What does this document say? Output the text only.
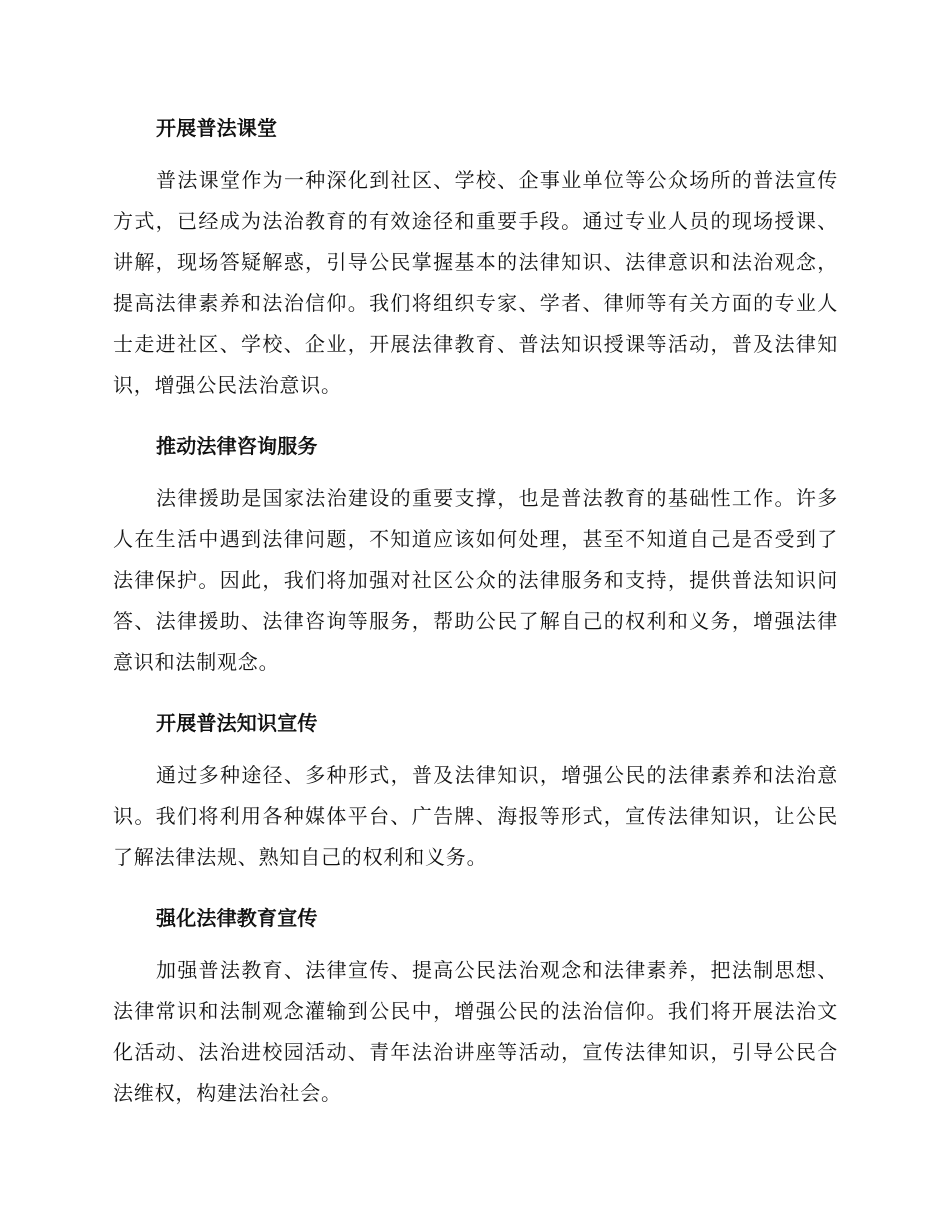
开展普法课堂

普法课堂作为一种深化到社区、学校、企事业单位等公众场所的普法宣传方式，已经成为法治教育的有效途径和重要手段。通过专业人员的现场授课、讲解，现场答疑解惑，引导公民掌握基本的法律知识、法律意识和法治观念，提高法律素养和法治信仰。我们将组织专家、学者、律师等有关方面的专业人士走进社区、学校、企业，开展法律教育、普法知识授课等活动，普及法律知识，增强公民法治意识。

推动法律咨询服务

法律援助是国家法治建设的重要支撑，也是普法教育的基础性工作。许多人在生活中遇到法律问题，不知道应该如何处理，甚至不知道自己是否受到了法律保护。因此，我们将加强对社区公众的法律服务和支持，提供普法知识问答、法律援助、法律咨询等服务，帮助公民了解自己的权利和义务，增强法律意识和法制观念。

开展普法知识宣传

通过多种途径、多种形式，普及法律知识，增强公民的法律素养和法治意识。我们将利用各种媒体平台、广告牌、海报等形式，宣传法律知识，让公民了解法律法规、熟知自己的权利和义务。

强化法律教育宣传

加强普法教育、法律宣传、提高公民法治观念和法律素养，把法制思想、法律常识和法制观念灌输到公民中，增强公民的法治信仰。我们将开展法治文化活动、法治进校园活动、青年法治讲座等活动，宣传法律知识，引导公民合法维权，构建法治社会。
